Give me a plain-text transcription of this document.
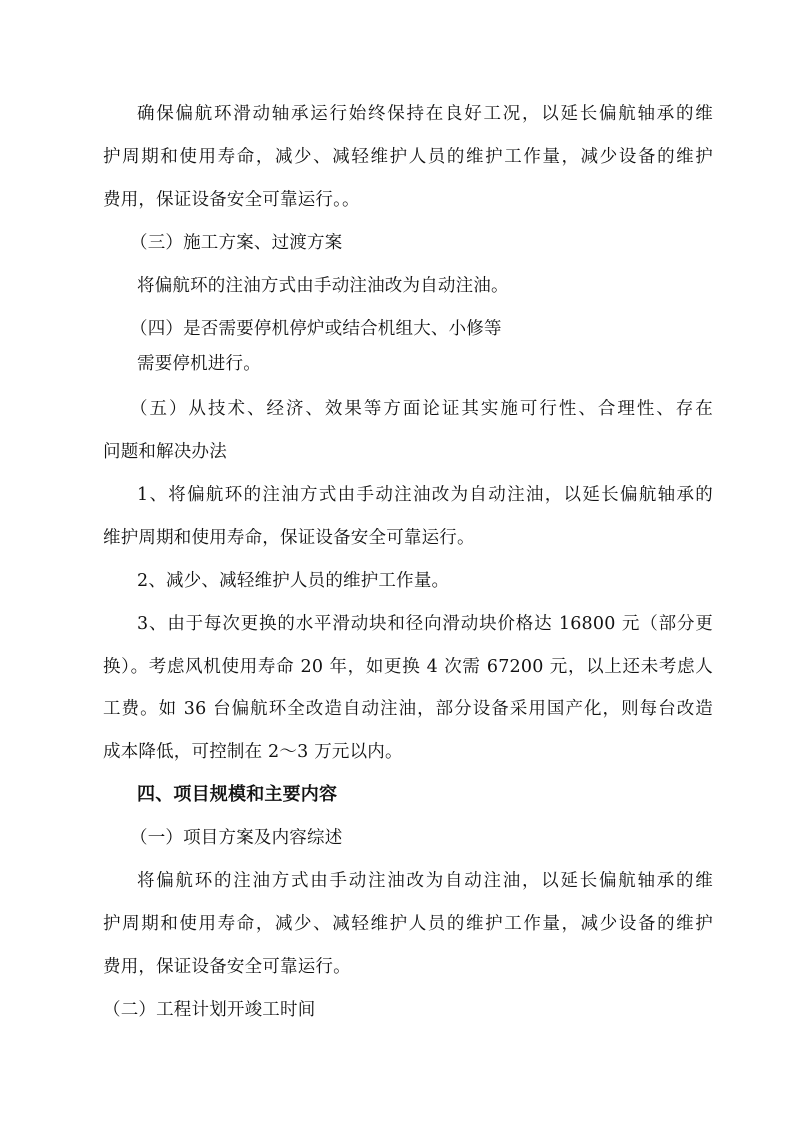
确保偏航环滑动轴承运行始终保持在良好工况，以延长偏航轴承的维
护周期和使用寿命，减少、减轻维护人员的维护工作量，减少设备的维护
费用，保证设备安全可靠运行。。
（三）施工方案、过渡方案
将偏航环的注油方式由手动注油改为自动注油。
（四）是否需要停机停炉或结合机组大、小修等
需要停机进行。
（五）从技术、经济、效果等方面论证其实施可行性、合理性、存在
问题和解决办法
1、将偏航环的注油方式由手动注油改为自动注油，以延长偏航轴承的
维护周期和使用寿命，保证设备安全可靠运行。
2、减少、减轻维护人员的维护工作量。
3、由于每次更换的水平滑动块和径向滑动块价格达 16800 元（部分更
换）。考虑风机使用寿命 20 年，如更换 4 次需 67200 元，以上还未考虑人
工费。如 36 台偏航环全改造自动注油，部分设备采用国产化，则每台改造
成本降低，可控制在 2～3 万元以内。
四、项目规模和主要内容
（一）项目方案及内容综述
将偏航环的注油方式由手动注油改为自动注油，以延长偏航轴承的维
护周期和使用寿命，减少、减轻维护人员的维护工作量，减少设备的维护
费用，保证设备安全可靠运行。
（二）工程计划开竣工时间
